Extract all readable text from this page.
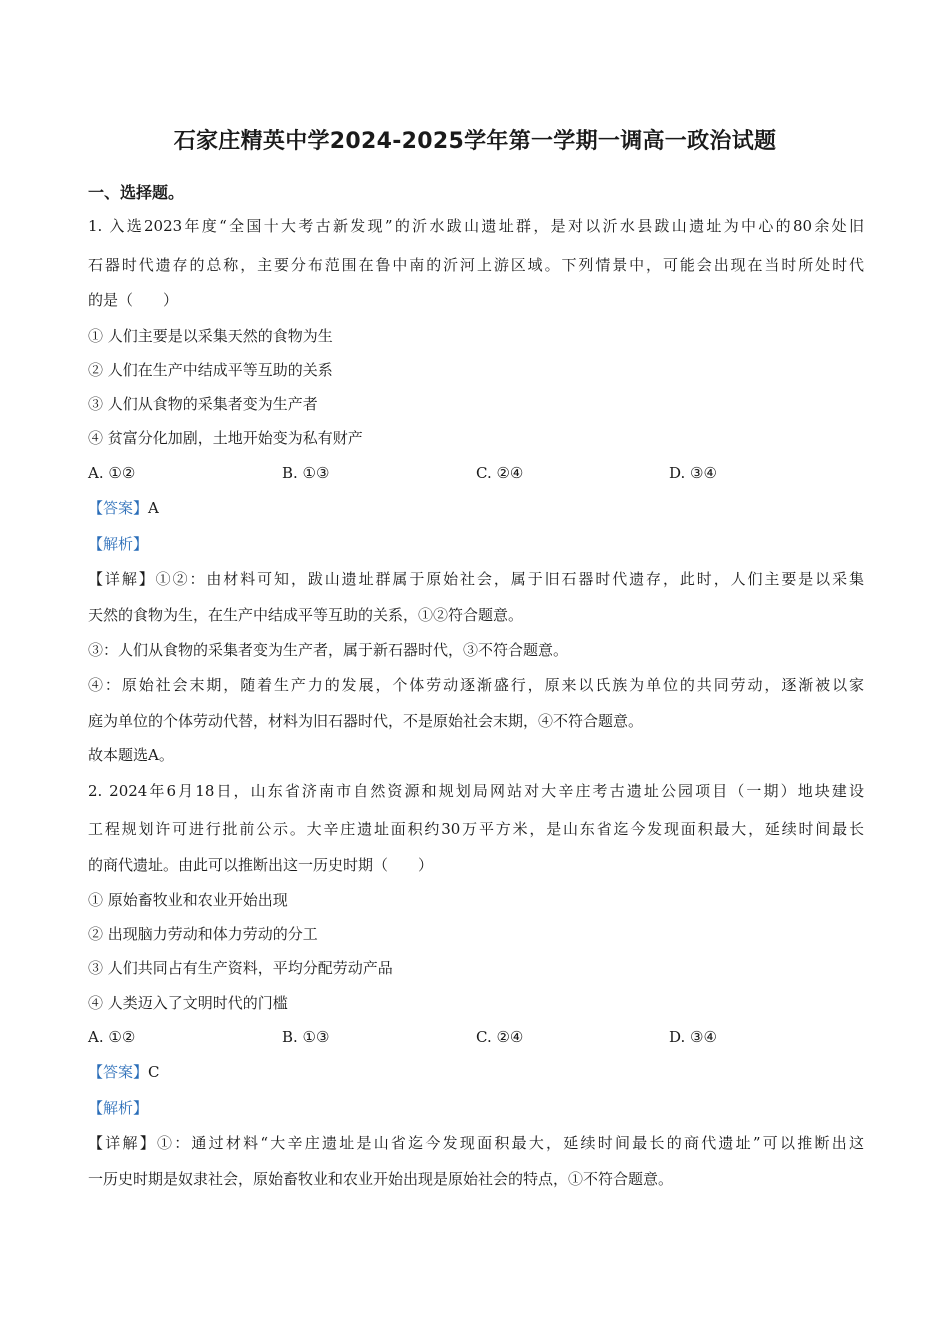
石家庄精英中学2024-2025学年第一学期一调高一政治试题
一、选择题。
1. 入选2023年度“全国十大考古新发现”的沂水跋山遗址群，是对以沂水县跋山遗址为中心的80余处旧
石器时代遗存的总称，主要分布范围在鲁中南的沂河上游区域。下列情景中，可能会出现在当时所处时代
的是（　　）
① 人们主要是以采集天然的食物为生
② 人们在生产中结成平等互助的关系
③ 人们从食物的采集者变为生产者
④ 贫富分化加剧，土地开始变为私有财产
A. ①②	B. ①③	C. ②④	D. ③④
【答案】A
【解析】
【详解】①②：由材料可知，跋山遗址群属于原始社会，属于旧石器时代遗存，此时，人们主要是以采集
天然的食物为生，在生产中结成平等互助的关系，①②符合题意。
③：人们从食物的采集者变为生产者，属于新石器时代，③不符合题意。
④：原始社会末期，随着生产力的发展，个体劳动逐渐盛行，原来以氏族为单位的共同劳动，逐渐被以家
庭为单位的个体劳动代替，材料为旧石器时代，不是原始社会末期，④不符合题意。
故本题选A。
2. 2024年6月18日，山东省济南市自然资源和规划局网站对大辛庄考古遗址公园项目（一期）地块建设
工程规划许可进行批前公示。大辛庄遗址面积约30万平方米，是山东省迄今发现面积最大，延续时间最长
的商代遗址。由此可以推断出这一历史时期（　　）
① 原始畜牧业和农业开始出现
② 出现脑力劳动和体力劳动的分工
③ 人们共同占有生产资料，平均分配劳动产品
④ 人类迈入了文明时代的门槛
A. ①②	B. ①③	C. ②④	D. ③④
【答案】C
【解析】
【详解】①：通过材料“大辛庄遗址是山省迄今发现面积最大，延续时间最长的商代遗址”可以推断出这
一历史时期是奴隶社会，原始畜牧业和农业开始出现是原始社会的特点，①不符合题意。
